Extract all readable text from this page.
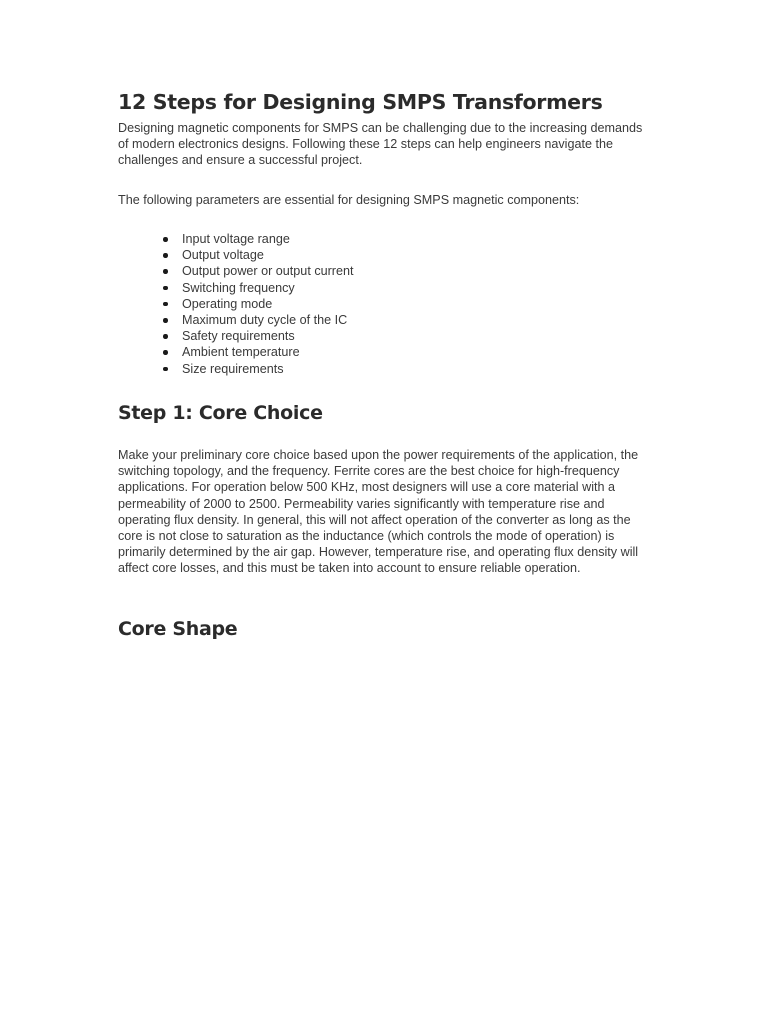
12 Steps for Designing SMPS Transformers

Designing magnetic components for SMPS can be challenging due to the increasing demands of modern electronics designs. Following these 12 steps can help engineers navigate the challenges and ensure a successful project.

The following parameters are essential for designing SMPS magnetic components:

Input voltage range
Output voltage
Output power or output current
Switching frequency
Operating mode
Maximum duty cycle of the IC
Safety requirements
Ambient temperature
Size requirements
Step 1: Core Choice

Make your preliminary core choice based upon the power requirements of the application, the switching topology, and the frequency. Ferrite cores are the best choice for high-frequency applications. For operation below 500 KHz, most designers will use a core material with a permeability of 2000 to 2500. Permeability varies significantly with temperature rise and operating flux density. In general, this will not affect operation of the converter as long as the core is not close to saturation as the inductance (which controls the mode of operation) is primarily determined by the air gap. However, temperature rise, and operating flux density will affect core losses, and this must be taken into account to ensure reliable operation.

Core Shape
